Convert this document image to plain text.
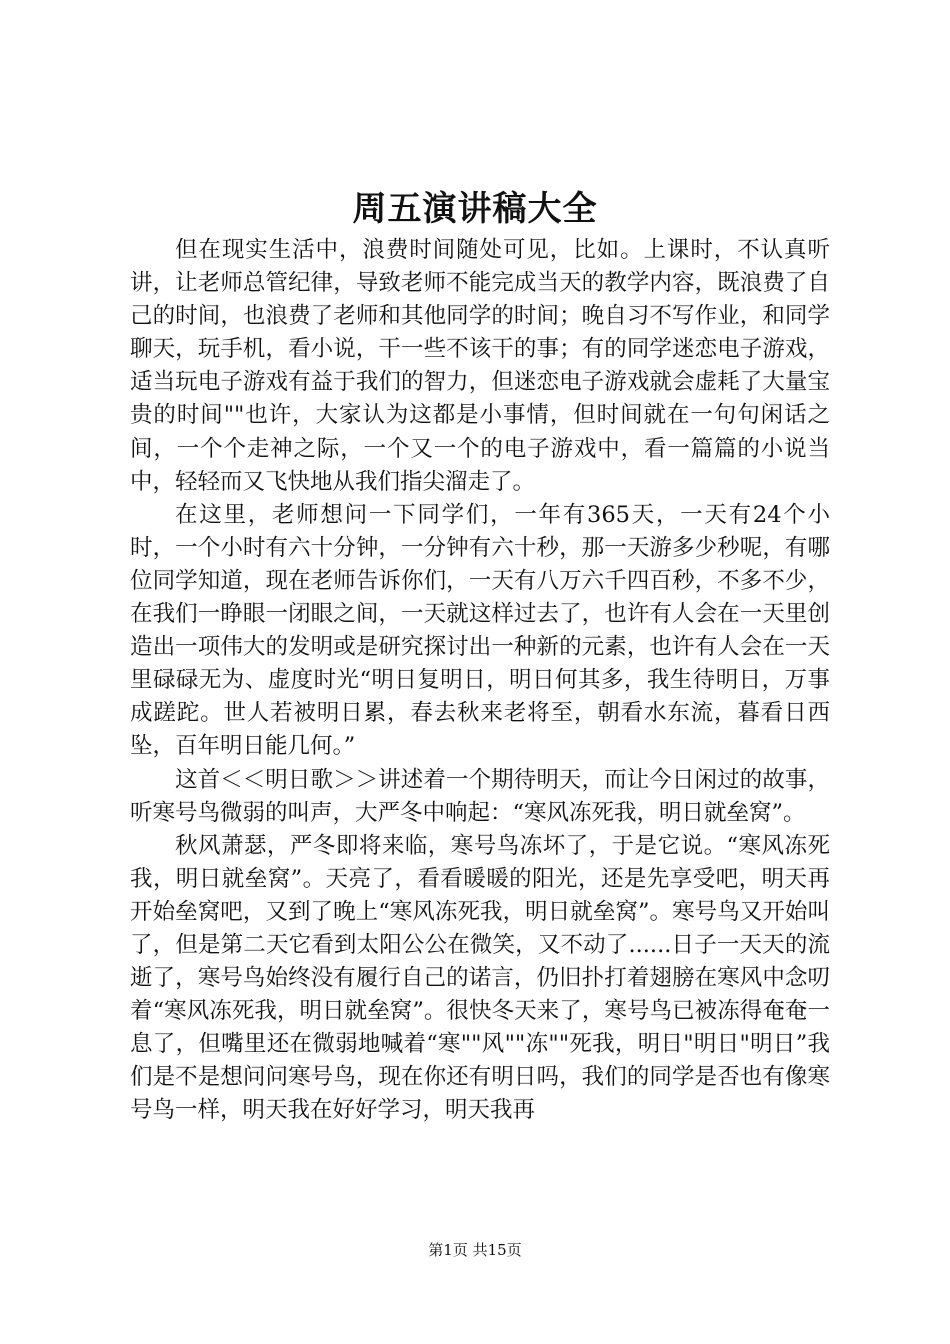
周五演讲稿大全

但在现实生活中，浪费时间随处可见，比如。上课时，不认真听讲，让老师总管纪律，导致老师不能完成当天的教学内容，既浪费了自己的时间，也浪费了老师和其他同学的时间；晚自习不写作业，和同学聊天，玩手机，看小说，干一些不该干的事；有的同学迷恋电子游戏，适当玩电子游戏有益于我们的智力，但迷恋电子游戏就会虚耗了大量宝贵的时间""也许，大家认为这都是小事情，但时间就在一句句闲话之间，一个个走神之际，一个又一个的电子游戏中，看一篇篇的小说当中，轻轻而又飞快地从我们指尖溜走了。

在这里，老师想问一下同学们，一年有365天，一天有24个小时，一个小时有六十分钟，一分钟有六十秒，那一天游多少秒呢，有哪位同学知道，现在老师告诉你们，一天有八万六千四百秒，不多不少，在我们一睁眼一闭眼之间，一天就这样过去了，也许有人会在一天里创造出一项伟大的发明或是研究探讨出一种新的元素，也许有人会在一天里碌碌无为、虚度时光“明日复明日，明日何其多，我生待明日，万事成蹉跎。世人若被明日累，春去秋来老将至，朝看水东流，暮看日西坠，百年明日能几何。”

这首＜＜明日歌＞＞讲述着一个期待明天，而让今日闲过的故事，听寒号鸟微弱的叫声，大严冬中响起：“寒风冻死我，明日就垒窝”。

秋风萧瑟，严冬即将来临，寒号鸟冻坏了，于是它说。“寒风冻死我，明日就垒窝”。天亮了，看看暖暖的阳光，还是先享受吧，明天再开始垒窝吧，又到了晚上“寒风冻死我，明日就垒窝”。寒号鸟又开始叫了，但是第二天它看到太阳公公在微笑，又不动了......日子一天天的流逝了，寒号鸟始终没有履行自己的诺言，仍旧扑打着翅膀在寒风中念叨着“寒风冻死我，明日就垒窝”。很快冬天来了，寒号鸟已被冻得奄奄一息了，但嘴里还在微弱地喊着“寒""风""冻""死我，明日"明日"明日”我们是不是想问问寒号鸟，现在你还有明日吗，我们的同学是否也有像寒号鸟一样，明天我在好好学习，明天我再

第1页 共15页
